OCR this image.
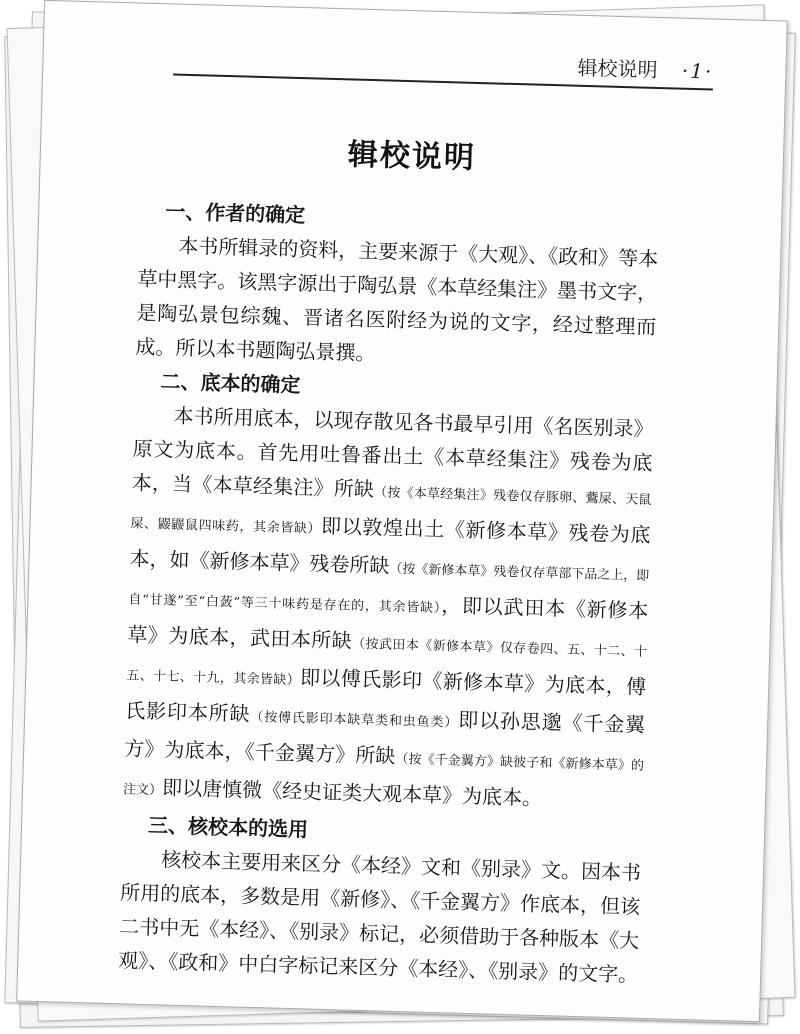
辑校说明 ·1·
辑校说明
一、作者的确定

本书所辑录的资料，主要来源于《大观》、《政和》等本草中黑字。该黑字源出于陶弘景《本草经集注》墨书文字，是陶弘景包综魏、晋诸名医附经为说的文字，经过整理而成。所以本书题陶弘景撰。

二、底本的确定

本书所用底本，以现存散见各书最早引用《名医别录》原文为底本。首先用吐鲁番出土《本草经集注》残卷为底本，当《本草经集注》所缺（按《本草经集注》残卷仅存豚卵、鷰屎、天鼠屎、鼹鼹鼠四味药，其余皆缺）即以敦煌出土《新修本草》残卷为底本，如《新修本草》残卷所缺（按《新修本草》残卷仅存草部下品之上，即自“甘遂”至“白蔹”等三十味药是存在的，其余皆缺），即以武田本《新修本草》为底本，武田本所缺（按武田本《新修本草》仅存卷四、五、十二、十五、十七、十九，其余皆缺）即以傅氏影印《新修本草》为底本，傅氏影印本所缺（按傅氏影印本缺草类和虫鱼类）即以孙思邈《千金翼方》为底本，《千金翼方》所缺（按《千金翼方》缺彼子和《新修本草》的注文）即以唐慎微《经史证类大观本草》为底本。

三、核校本的选用

核校本主要用来区分《本经》文和《别录》文。因本书所用的底本，多数是用《新修》、《千金翼方》作底本，但该二书中无《本经》、《别录》标记，必须借助于各种版本《大观》、《政和》中白字标记来区分《本经》、《别录》的文字。
